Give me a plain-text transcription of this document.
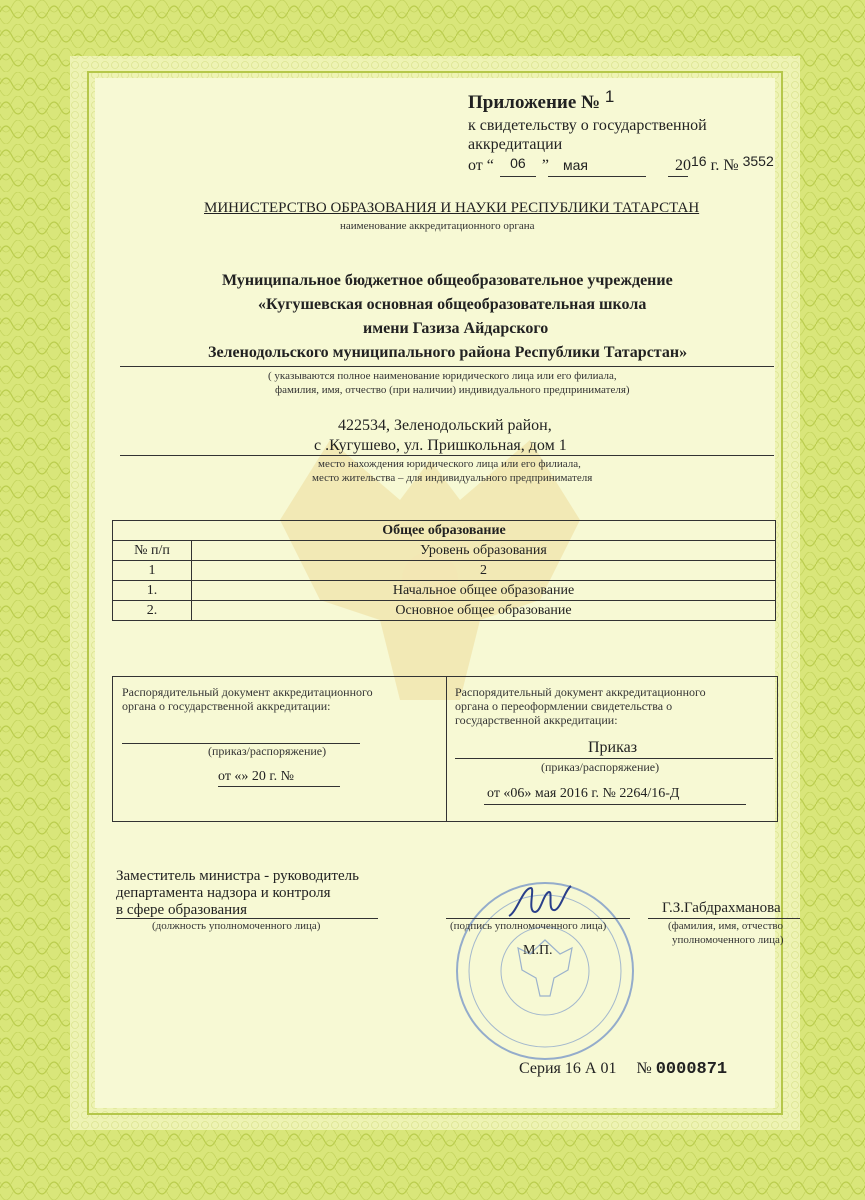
Приложение № 1
к свидетельству о государственной
аккредитации
от “ 06 ” мая	2016 г. № 3552
МИНИСТЕРСТВО ОБРАЗОВАНИЯ И НАУКИ РЕСПУБЛИКИ ТАТАРСТАН
наименование аккредитационного органа
Муниципальное бюджетное общеобразовательное учреждение
«Кугушевская основная общеобразовательная школа
имени Газиза Айдарского
Зеленодольского муниципального района Республики Татарстан»
( указываются полное наименование юридического лица или его филиала,
фамилия, имя, отчество (при наличии) индивидуального предпринимателя)
422534, Зеленодольский район,
с .Кугушево, ул. Пришкольная, дом 1
место нахождения юридического лица или его филиала,
место жительства – для индивидуального предпринимателя
Общее образование	
№ п/п	Уровень образования
1	2
1.	Начальное общее образование
2.	Основное общее образование
Распорядительный документ аккредитационного
органа о государственной аккредитации:
(приказ/распоряжение)
от «» 20 г. №
Распорядительный документ аккредитационного
органа о переоформлении свидетельства о
государственной аккредитации:
Приказ
(приказ/распоряжение)
от «06» мая 2016 г. № 2264/16-Д
Заместитель министра - руководитель
департамента надзора и контроля
в сфере образования
(должность уполномоченного лица)	(подпись уполномоченного лица)
М.П.
Г.З.Габдрахманова
(фамилия, имя, отчество
уполномоченного лица)
Серия 16 А 01 № 0000871
